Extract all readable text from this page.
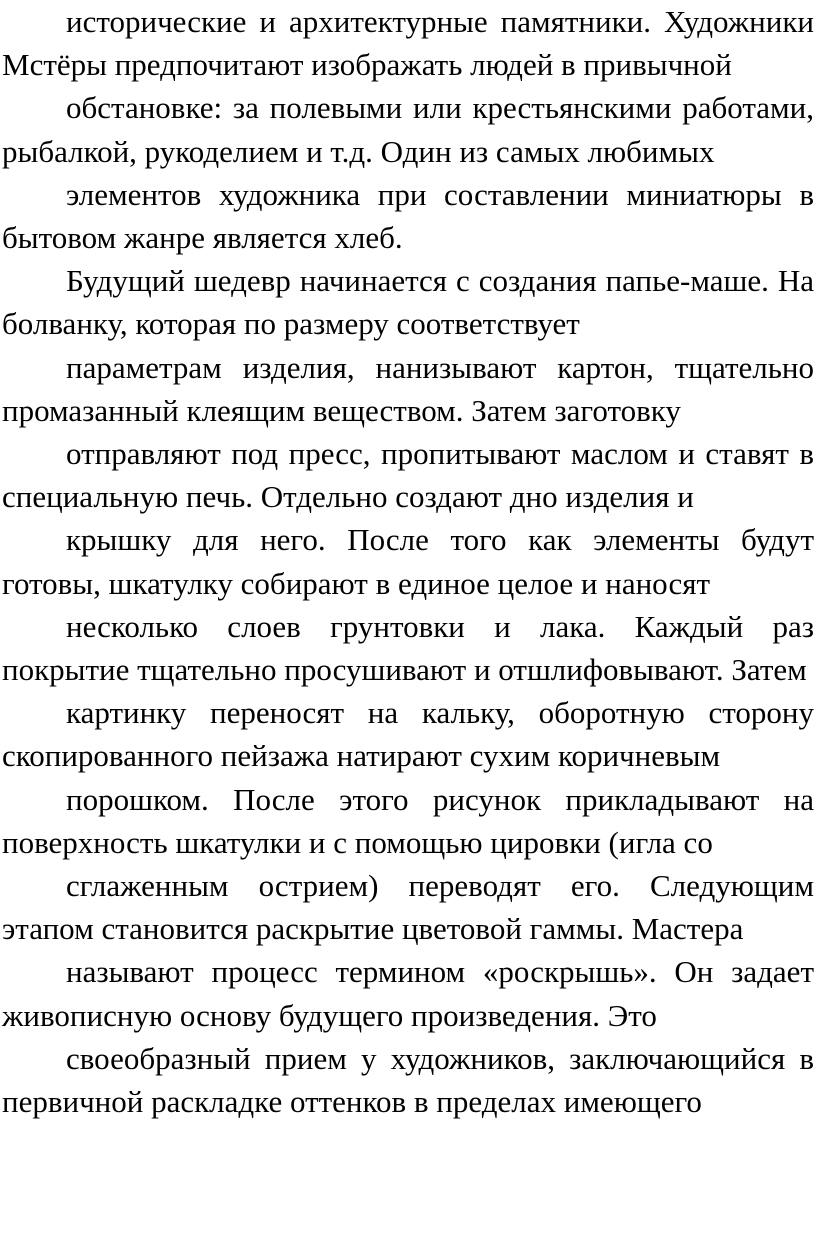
исторические и архитектурные памятники. Художники Мстёры предпочитают изображать людей в привычной

обстановке: за полевыми или крестьянскими работами, рыбалкой, рукоделием и т.д. Один из самых любимых

элементов художника при составлении миниатюры в бытовом жанре является хлеб.

Будущий шедевр начинается с создания папье-маше. На болванку, которая по размеру соответствует

параметрам изделия, нанизывают картон, тщательно промазанный клеящим веществом. Затем заготовку

отправляют под пресс, пропитывают маслом и ставят в специальную печь. Отдельно создают дно изделия и

крышку для него. После того как элементы будут готовы, шкатулку собирают в единое целое и наносят

несколько слоев грунтовки и лака. Каждый раз покрытие тщательно просушивают и отшлифовывают. Затем

картинку переносят на кальку, оборотную сторону скопированного пейзажа натирают сухим коричневым

порошком. После этого рисунок прикладывают на поверхность шкатулки и с помощью цировки (игла со

сглаженным острием) переводят его. Следующим этапом становится раскрытие цветовой гаммы. Мастера

называют процесс термином «роскрышь». Он задает живописную основу будущего произведения. Это

своеобразный прием у художников, заключающийся в первичной раскладке оттенков в пределах имеющего
